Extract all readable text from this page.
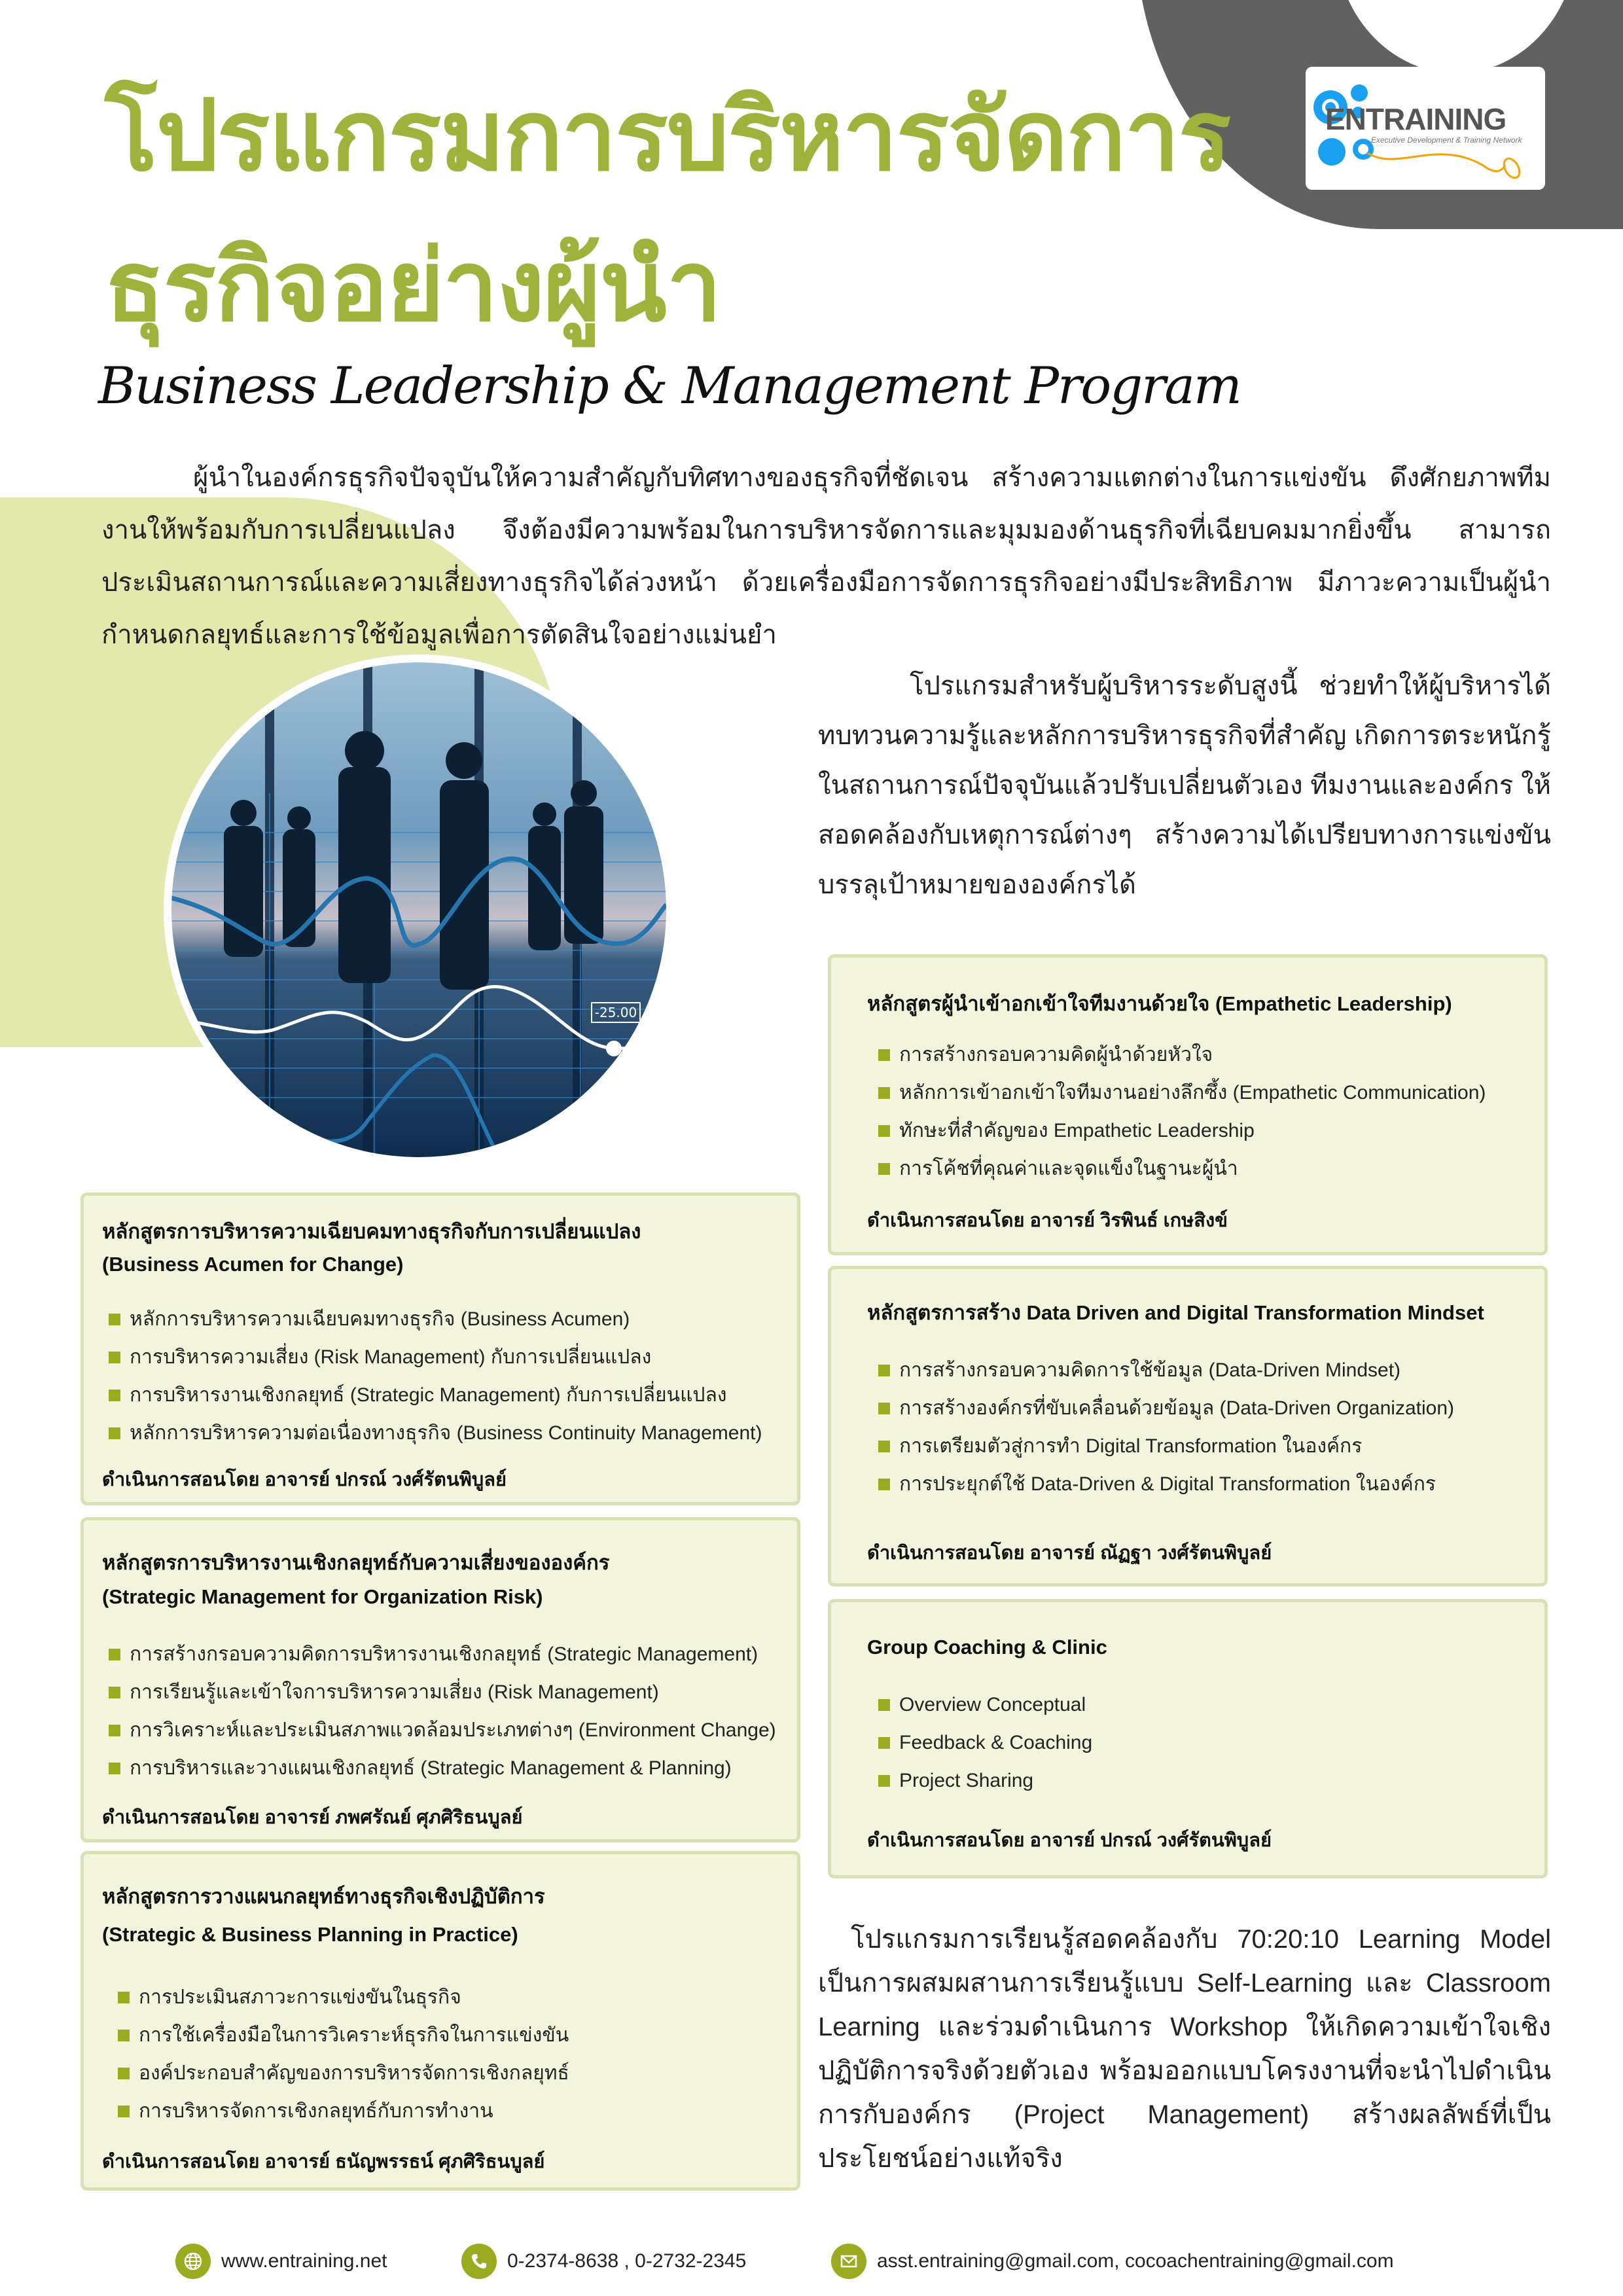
ENTRAINING
Executive Development & Training Network
โปรแกรมการบริหารจัดการ
ธุรกิจอย่างผู้นำ
Business Leadership & Management Program
ผู้นำในองค์กรธุรกิจปัจจุบันให้ความสำคัญกับทิศทางของธุรกิจที่ชัดเจน สร้างความแตกต่างในการแข่งขัน ดึงศักยภาพทีมงานให้พร้อมกับการเปลี่ยนแปลง จึงต้องมีความพร้อมในการบริหารจัดการและมุมมองด้านธุรกิจที่เฉียบคมมากยิ่งขึ้น สามารถประเมินสถานการณ์และความเสี่ยงทางธุรกิจได้ล่วงหน้า ด้วยเครื่องมือการจัดการธุรกิจอย่างมีประสิทธิภาพ มีภาวะความเป็นผู้นำ กำหนดกลยุทธ์และการใช้ข้อมูลเพื่อการตัดสินใจอย่างแม่นยำ
-25.00
โปรแกรมสำหรับผู้บริหารระดับสูงนี้ ช่วยทำให้ผู้บริหารได้ทบทวนความรู้และหลักการบริหารธุรกิจที่สำคัญ เกิดการตระหนักรู้ในสถานการณ์ปัจจุบันแล้วปรับเปลี่ยนตัวเอง ทีมงานและองค์กร ให้สอดคล้องกับเหตุการณ์ต่างๆ สร้างความได้เปรียบทางการแข่งขัน บรรลุเป้าหมายขององค์กรได้
หลักสูตรผู้นำเข้าอกเข้าใจทีมงานด้วยใจ (Empathetic Leadership)
การสร้างกรอบความคิดผู้นำด้วยหัวใจ
หลักการเข้าอกเข้าใจทีมงานอย่างลึกซึ้ง (Empathetic Communication)
ทักษะที่สำคัญของ Empathetic Leadership
การโค้ชที่คุณค่าและจุดแข็งในฐานะผู้นำ
ดำเนินการสอนโดย อาจารย์ วิรพินธ์ เกษสิงข์
หลักสูตรการบริหารความเฉียบคมทางธุรกิจกับการเปลี่ยนแปลง
(Business Acumen for Change)
หลักการบริหารความเฉียบคมทางธุรกิจ (Business Acumen)
การบริหารความเสี่ยง (Risk Management) กับการเปลี่ยนแปลง
การบริหารงานเชิงกลยุทธ์ (Strategic Management) กับการเปลี่ยนแปลง
หลักการบริหารความต่อเนื่องทางธุรกิจ (Business Continuity Management)
ดำเนินการสอนโดย อาจารย์ ปกรณ์ วงศ์รัตนพิบูลย์
หลักสูตรการสร้าง Data Driven and Digital Transformation Mindset
การสร้างกรอบความคิดการใช้ข้อมูล (Data-Driven Mindset)
การสร้างองค์กรที่ขับเคลื่อนด้วยข้อมูล (Data-Driven Organization)
การเตรียมตัวสู่การทำ Digital Transformation ในองค์กร
การประยุกต์ใช้ Data-Driven & Digital Transformation ในองค์กร
ดำเนินการสอนโดย อาจารย์ ณัฏฐา วงศ์รัตนพิบูลย์
หลักสูตรการบริหารงานเชิงกลยุทธ์กับความเสี่ยงขององค์กร
(Strategic Management for Organization Risk)
การสร้างกรอบความคิดการบริหารงานเชิงกลยุทธ์ (Strategic Management)
การเรียนรู้และเข้าใจการบริหารความเสี่ยง (Risk Management)
การวิเคราะห์และประเมินสภาพแวดล้อมประเภทต่างๆ (Environment Change)
การบริหารและวางแผนเชิงกลยุทธ์ (Strategic Management & Planning)
ดำเนินการสอนโดย อาจารย์ ภพศรัณย์ ศุภศิริธนบูลย์
Group Coaching & Clinic
Overview Conceptual
Feedback & Coaching
Project Sharing
ดำเนินการสอนโดย อาจารย์ ปกรณ์ วงศ์รัตนพิบูลย์
หลักสูตรการวางแผนกลยุทธ์ทางธุรกิจเชิงปฏิบัติการ
(Strategic & Business Planning in Practice)
การประเมินสภาวะการแข่งขันในธุรกิจ
การใช้เครื่องมือในการวิเคราะห์ธุรกิจในการแข่งขัน
องค์ประกอบสำคัญของการบริหารจัดการเชิงกลยุทธ์
การบริหารจัดการเชิงกลยุทธ์กับการทำงาน
ดำเนินการสอนโดย อาจารย์ ธนัญพรรธน์ ศุภศิริธนบูลย์
โปรแกรมการเรียนรู้สอดคล้องกับ 70:20:10 Learning Model เป็นการผสมผสานการเรียนรู้แบบ Self-Learning และ Classroom Learning และร่วมดำเนินการ Workshop ให้เกิดความเข้าใจเชิงปฏิบัติการจริงด้วยตัวเอง พร้อมออกแบบโครงงานที่จะนำไปดำเนินการกับองค์กร (Project Management) สร้างผลลัพธ์ที่เป็นประโยชน์อย่างแท้จริง
www.entraining.net	0-2374-8638 , 0-2732-2345	asst.entraining@gmail.com, cocoachentraining@gmail.com
